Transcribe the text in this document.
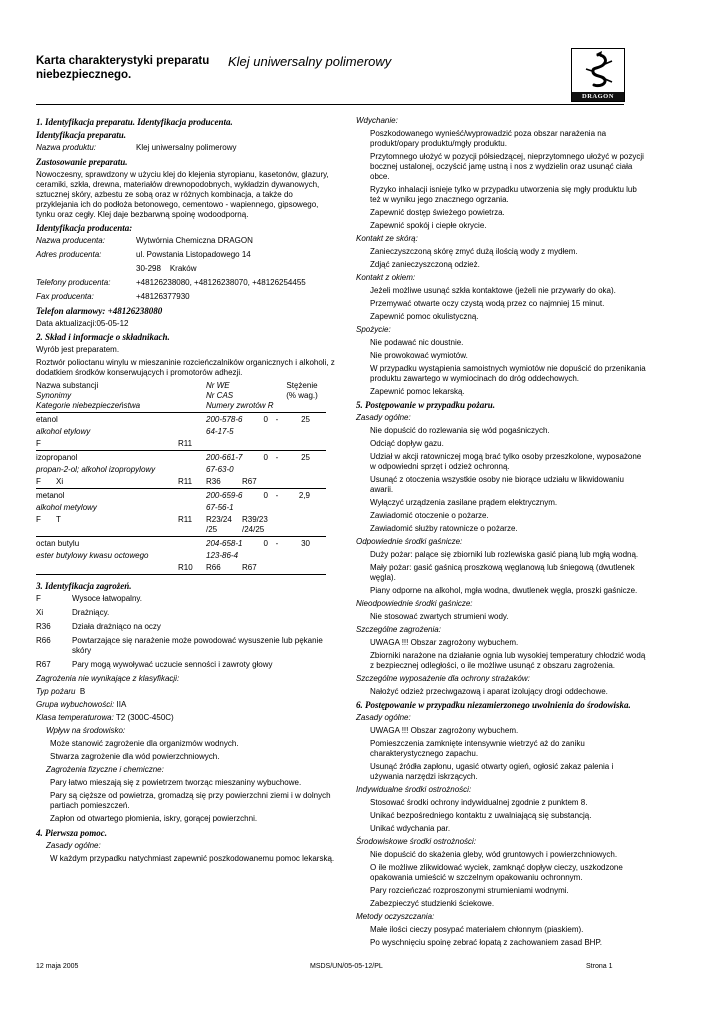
Karta charakterystyki preparatu
niebezpiecznego.
Klej uniwersalny polimerowy
DRAGON
1. Identyfikacja preparatu. Identyfikacja producenta.
Identyfikacja preparatu.
Nazwa produktu:	Klej uniwersalny polimerowy
Zastosowanie preparatu.
Nowoczesny, sprawdzony w użyciu klej do klejenia styropianu, kasetonów, glazury, ceramiki, szkła, drewna, materiałów drewnopodobnych, wykładzin dywanowych, sztucznej skóry, azbestu ze sobą oraz w różnych kombinacja, a także do przyklejania ich do podłoża betonowego, cementowo - wapiennego, gipsowego, tynku oraz cegły. Klej daje bezbarwną spoinę wodoodporną.
Identyfikacja producenta:
Nazwa producenta:	Wytwórnia Chemiczna DRAGON
Adres producenta:	ul. Powstania Listopadowego 14
30-298 Kraków
Telefony producenta:	+48126238080, +48126238070, +48126254455
Fax producenta:	+48126377930
Telefon alarmowy: +48126238080
Data aktualizacji:05-05-12
2. Skład i informacje o składnikach.
Wyrób jest preparatem.
Roztwór polioctanu winylu w mieszaninie rozcieńczalników organicznych i alkoholi, z dodatkiem środków konserwujących i promotorów adhezji.
Nazwa substancji	Nr WE	Stężenie
Synonimy	Nr CAS	(% wag.)
Kategorie niebezpieczeństwa	Numery zwrotów R
etanol	200-578-6	0 -	25
alkohol etylowy	64-17-5
F	R11
izopropanol	200-661-7	0 -	25
propan-2-ol; alkohol izopropylowy	67-63-0
F	Xi	R11	R36	R67
metanol	200-659-6	0 -	2,9
alkohol metylowy	67-56-1
F	T	R11	R23/24 /25
R39/23 /24/25
octan butylu	204-658-1	0 -	30
ester butylowy kwasu octowego	123-86-4
R10	R66	R67
3. Identyfikacja zagrożeń.
F	Wysoce łatwopalny.
Xi	Drażniący.
R36	Działa drażniąco na oczy
R66	Powtarzające się narażenie może powodować wysuszenie lub pękanie skóry
R67	Pary mogą wywoływać uczucie senności i zawroty głowy
Zagrożenia nie wynikające z klasyfikacji:
Typ pożaru B
Grupa wybuchowości: IIA
Klasa temperaturowa: T2 (300C-450C)
Wpływ na środowisko:
Może stanowić zagrożenie dla organizmów wodnych.
Stwarza zagrożenie dla wód powierzchniowych.
Zagrożenia fizyczne i chemiczne:
Pary łatwo mieszają się z powietrzem tworząc mieszaniny wybuchowe.
Pary są cięższe od powietrza, gromadzą się przy powierzchni ziemi i w dolnych partiach pomieszczeń.
Zapłon od otwartego płomienia, iskry, gorącej powierzchni.
4. Pierwsza pomoc.
Zasady ogólne:
W każdym przypadku natychmiast zapewnić poszkodowanemu pomoc lekarską.
Wdychanie:
Poszkodowanego wynieść/wyprowadzić poza obszar narażenia na produkt/opary produktu/mgły produktu.
Przytomnego ułożyć w pozycji półsiedzącej, nieprzytomnego ułożyć w pozycji bocznej ustalonej, oczyścić jamę ustną i nos z wydzielin oraz usunąć ciała obce.
Ryzyko inhalacji isnieje tylko w przypadku utworzenia się mgły produktu lub też w wyniku jego znacznego ogrzania.
Zapewnić dostęp świeżego powietrza.
Zapewnić spokój i ciepłe okrycie.
Kontakt ze skórą:
Zanieczyszczoną skórę zmyć dużą ilością wody z mydłem.
Zdjąć zanieczyszczoną odzież.
Kontakt z okiem:
Jeżeli możliwe usunąć szkła kontaktowe (jeżeli nie przywarły do oka).
Przemywać otwarte oczy czystą wodą przez co najmniej 15 minut.
Zapewnić pomoc okulistyczną.
Spożycie:
Nie podawać nic doustnie.
Nie prowokować wymiotów.
W przypadku wystąpienia samoistnych wymiotów nie dopuścić do przenikania produktu zawartego w wymiocinach do dróg oddechowych.
Zapewnić pomoc lekarską.
5. Postępowanie w przypadku pożaru.
Zasady ogólne:
Nie dopuścić do rozlewania się wód pogaśniczych.
Odciąć dopływ gazu.
Udział w akcji ratowniczej mogą brać tylko osoby przeszkolone, wyposażone w odpowiedni sprzęt i odzież ochronną.
Usunąć z otoczenia wszystkie osoby nie biorące udziału w likwidowaniu awarii.
Wyłączyć urządzenia zasilane prądem elektrycznym.
Zawiadomić otoczenie o pożarze.
Zawiadomić służby ratownicze o pożarze.
Odpowiednie środki gaśnicze:
Duży pożar: palące się zbiorniki lub rozlewiska gasić pianą lub mgłą wodną.
Mały pożar: gasić gaśnicą proszkową węglanową lub śniegową (dwutlenek węgla).
Piany odporne na alkohol, mgła wodna, dwutlenek węgla, proszki gaśnicze.
Nieodpowiednie środki gaśnicze:
Nie stosować zwartych strumieni wody.
Szczególne zagrożenia:
UWAGA !!! Obszar zagrożony wybuchem.
Zbiorniki narażone na działanie ognia lub wysokiej temperatury chłodzić wodą z bezpiecznej odległości, o ile możliwe usunąć z obszaru zagrożenia.
Szczególne wyposażenie dla ochrony strażaków:
Nałożyć odzież przeciwgazową i aparat izolujący drogi oddechowe.
6. Postępowanie w przypadku niezamierzonego uwolnienia do środowiska.
Zasady ogólne:
UWAGA !!! Obszar zagrożony wybuchem.
Pomieszczenia zamknięte intensywnie wietrzyć aż do zaniku charakterystycznego zapachu.
Usunąć źródła zapłonu, ugasić otwarty ogień, ogłosić zakaz palenia i używania narzędzi iskrzących.
Indywidualne środki ostrożności:
Stosować środki ochrony indywidualnej zgodnie z punktem 8.
Unikać bezpośredniego kontaktu z uwalniającą się substancją.
Unikać wdychania par.
Środowiskowe środki ostrożności:
Nie dopuścić do skażenia gleby, wód gruntowych i powierzchniowych.
O ile możliwe zlikwidować wyciek, zamknąć dopływ cieczy, uszkodzone opakowania umieścić w szczelnym opakowaniu ochronnym.
Pary rozcieńczać rozproszonymi strumieniami wodnymi.
Zabezpieczyć studzienki ściekowe.
Metody oczyszczania:
Małe ilości cieczy posypać materiałem chłonnym (piaskiem).
Po wyschnięciu spoinę zebrać łopatą z zachowaniem zasad BHP.
12 maja 2005	MSDS/UN/05-05-12/PL	Strona 1
